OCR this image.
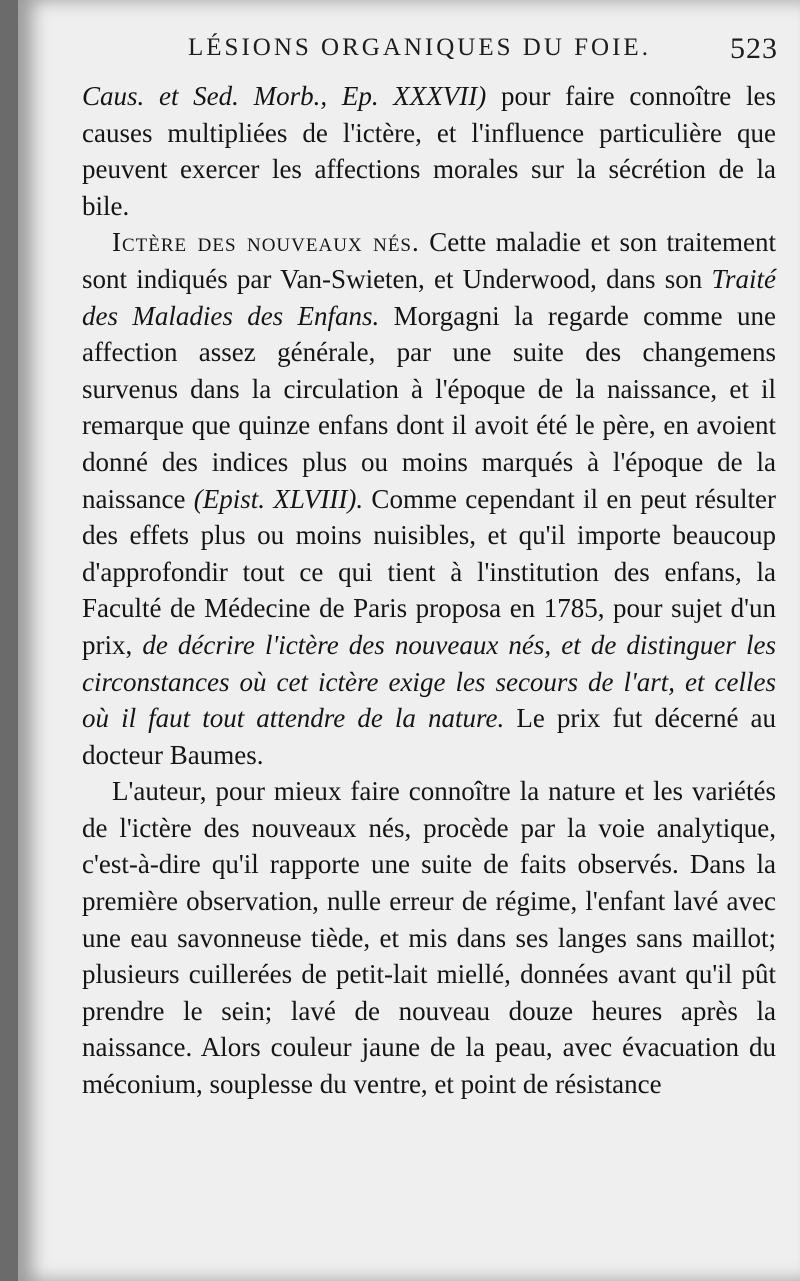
LÉSIONS ORGANIQUES DU FOIE.	523

Caus. et Sed. Morb., Ep. XXXVII) pour faire connoître les causes multipliées de l'ictère, et l'influence particulière que peuvent exercer les affections morales sur la sécrétion de la bile.

Ictère des nouveaux nés. Cette maladie et son traitement sont indiqués par Van-Swieten, et Underwood, dans son Traité des Maladies des Enfans. Morgagni la regarde comme une affection assez générale, par une suite des changemens survenus dans la circulation à l'époque de la naissance, et il remarque que quinze enfans dont il avoit été le père, en avoient donné des indices plus ou moins marqués à l'époque de la naissance (Epist. XLVIII). Comme cependant il en peut résulter des effets plus ou moins nuisibles, et qu'il importe beaucoup d'approfondir tout ce qui tient à l'institution des enfans, la Faculté de Médecine de Paris proposa en 1785, pour sujet d'un prix, de décrire l'ictère des nouveaux nés, et de distinguer les circonstances où cet ictère exige les secours de l'art, et celles où il faut tout attendre de la nature. Le prix fut décerné au docteur Baumes.

L'auteur, pour mieux faire connoître la nature et les variétés de l'ictère des nouveaux nés, procède par la voie analytique, c'est-à-dire qu'il rapporte une suite de faits observés. Dans la première observation, nulle erreur de régime, l'enfant lavé avec une eau savonneuse tiède, et mis dans ses langes sans maillot; plusieurs cuillerées de petit-lait miellé, données avant qu'il pût prendre le sein; lavé de nouveau douze heures après la naissance. Alors couleur jaune de la peau, avec évacuation du méconium, souplesse du ventre, et point de résistance
